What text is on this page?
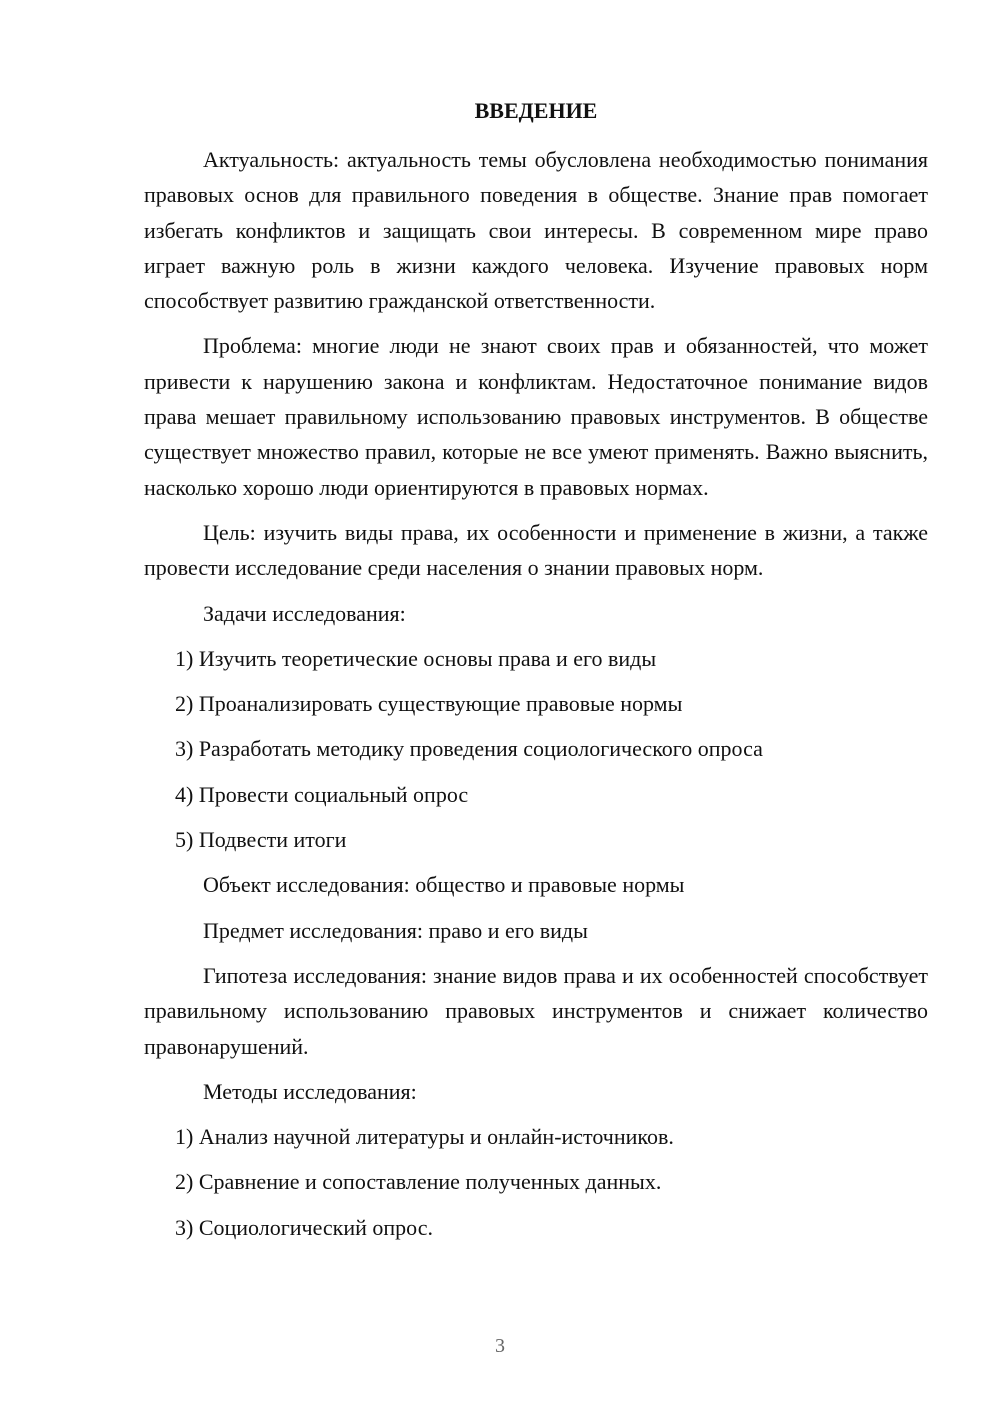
ВВЕДЕНИЕ

Актуальность: актуальность темы обусловлена необходимостью понимания правовых основ для правильного поведения в обществе. Знание прав помогает избегать конфликтов и защищать свои интересы. В современном мире право играет важную роль в жизни каждого человека. Изучение правовых норм способствует развитию гражданской ответственности.

Проблема: многие люди не знают своих прав и обязанностей, что может привести к нарушению закона и конфликтам. Недостаточное понимание видов права мешает правильному использованию правовых инструментов. В обществе существует множество правил, которые не все умеют применять. Важно выяснить, насколько хорошо люди ориентируются в правовых нормах.

Цель: изучить виды права, их особенности и применение в жизни, а также провести исследование среди населения о знании правовых норм.

Задачи исследования:

1) Изучить теоретические основы права и его виды

2) Проанализировать существующие правовые нормы

3) Разработать методику проведения социологического опроса

4) Провести социальный опрос

5) Подвести итоги

Объект исследования: общество и правовые нормы

Предмет исследования: право и его виды

Гипотеза исследования: знание видов права и их особенностей способствует правильному использованию правовых инструментов и снижает количество правонарушений.

Методы исследования:

1) Анализ научной литературы и онлайн-источников.

2) Сравнение и сопоставление полученных данных.

3) Социологический опрос.

3
